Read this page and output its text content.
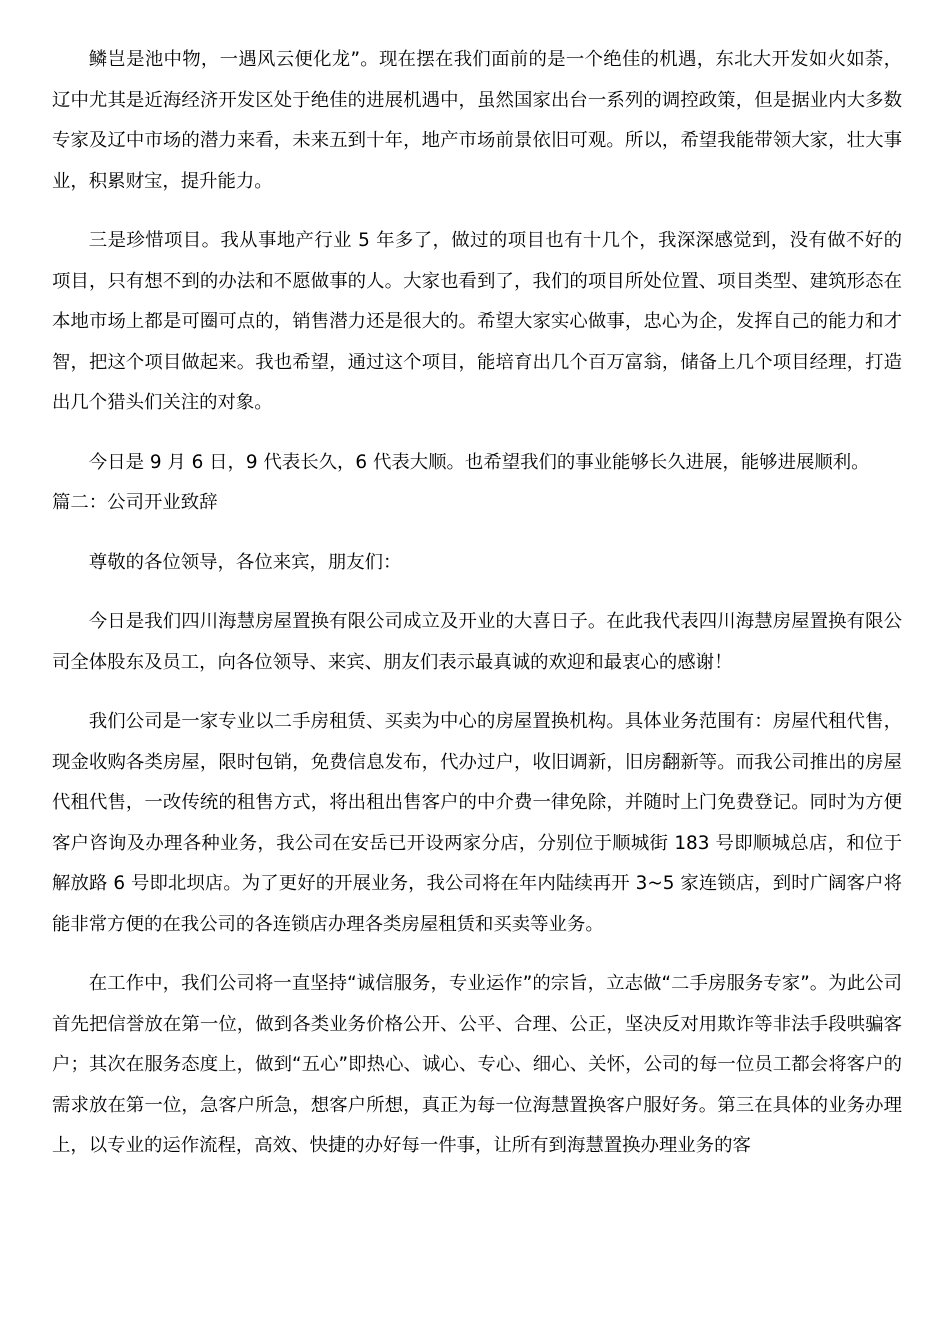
鳞岂是池中物，一遇风云便化龙”。现在摆在我们面前的是一个绝佳的机遇，东北大开发如火如荼，辽中尤其是近海经济开发区处于绝佳的进展机遇中，虽然国家出台一系列的调控政策，但是据业内大多数专家及辽中市场的潜力来看，未来五到十年，地产市场前景依旧可观。所以，希望我能带领大家，壮大事业，积累财宝，提升能力。

三是珍惜项目。我从事地产行业 5 年多了，做过的项目也有十几个，我深深感觉到，没有做不好的项目，只有想不到的办法和不愿做事的人。大家也看到了，我们的项目所处位置、项目类型、建筑形态在本地市场上都是可圈可点的，销售潜力还是很大的。希望大家实心做事，忠心为企，发挥自己的能力和才智，把这个项目做起来。我也希望，通过这个项目，能培育出几个百万富翁，储备上几个项目经理，打造出几个猎头们关注的对象。

今日是 9 月 6 日，9 代表长久，6 代表大顺。也希望我们的事业能够长久进展，能够进展顺利。

篇二：公司开业致辞

尊敬的各位领导，各位来宾，朋友们：

今日是我们四川海慧房屋置换有限公司成立及开业的大喜日子。在此我代表四川海慧房屋置换有限公司全体股东及员工，向各位领导、来宾、朋友们表示最真诚的欢迎和最衷心的感谢！

我们公司是一家专业以二手房租赁、买卖为中心的房屋置换机构。具体业务范围有：房屋代租代售，现金收购各类房屋，限时包销，免费信息发布，代办过户，收旧调新，旧房翻新等。而我公司推出的房屋代租代售，一改传统的租售方式，将出租出售客户的中介费一律免除，并随时上门免费登记。同时为方便客户咨询及办理各种业务，我公司在安岳已开设两家分店，分别位于顺城街 183 号即顺城总店，和位于解放路 6 号即北坝店。为了更好的开展业务，我公司将在年内陆续再开 3~5 家连锁店，到时广阔客户将能非常方便的在我公司的各连锁店办理各类房屋租赁和买卖等业务。

在工作中，我们公司将一直坚持“诚信服务，专业运作”的宗旨，立志做“二手房服务专家”。为此公司首先把信誉放在第一位，做到各类业务价格公开、公平、合理、公正，坚决反对用欺诈等非法手段哄骗客户；其次在服务态度上，做到“五心”即热心、诚心、专心、细心、关怀，公司的每一位员工都会将客户的需求放在第一位，急客户所急，想客户所想，真正为每一位海慧置换客户服好务。第三在具体的业务办理上，以专业的运作流程，高效、快捷的办好每一件事，让所有到海慧置换办理业务的客
